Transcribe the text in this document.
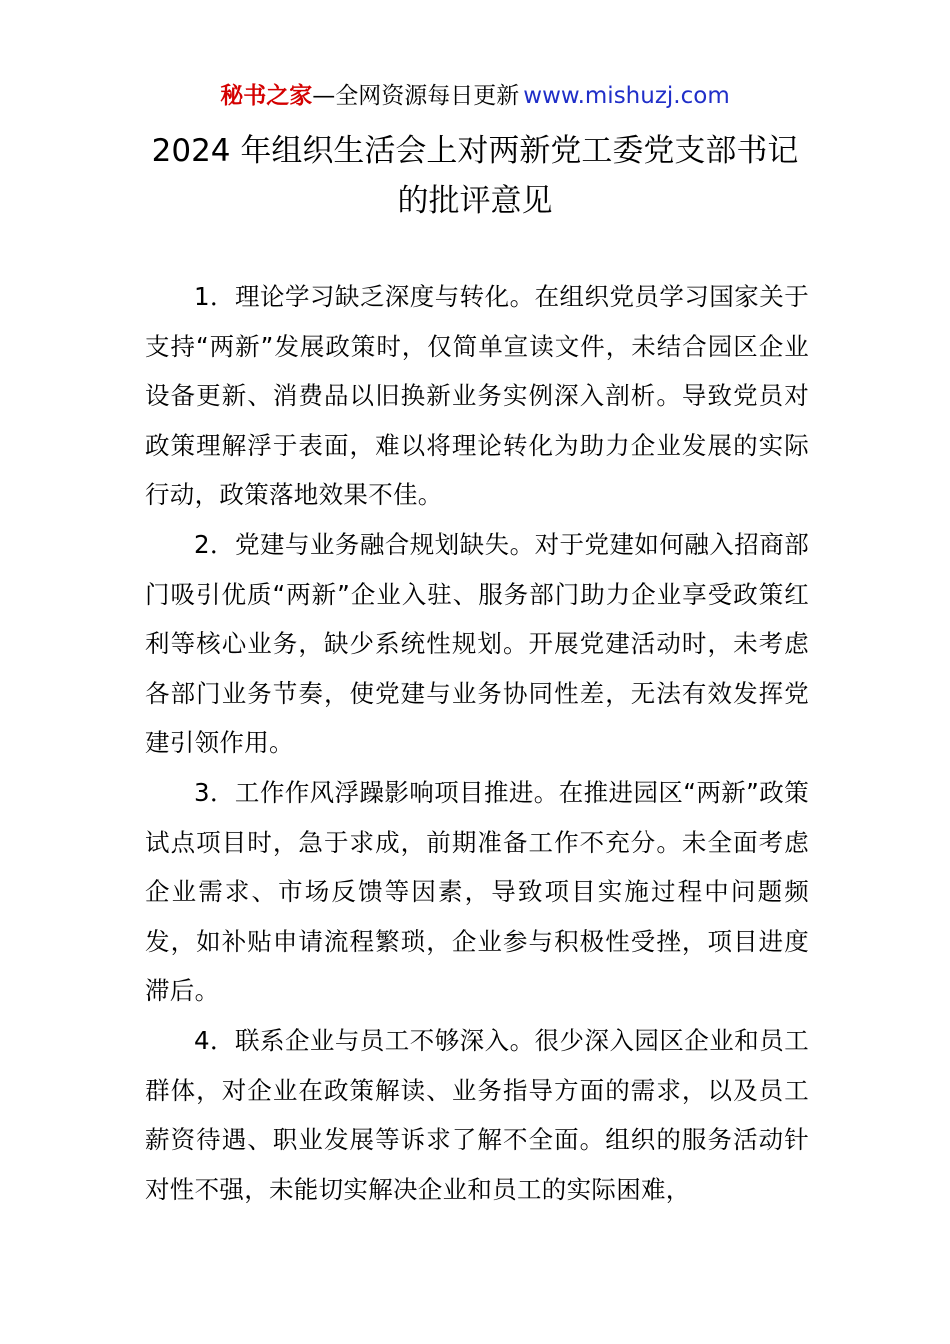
秘书之家—全网资源每日更新 www.mishuzj.com
2024 年组织生活会上对两新党工委党支部书记
的批评意见

1．理论学习缺乏深度与转化。在组织党员学习国家关于支持“两新”发展政策时，仅简单宣读文件，未结合园区企业设备更新、消费品以旧换新业务实例深入剖析。导致党员对政策理解浮于表面，难以将理论转化为助力企业发展的实际行动，政策落地效果不佳。

2．党建与业务融合规划缺失。对于党建如何融入招商部门吸引优质“两新”企业入驻、服务部门助力企业享受政策红利等核心业务，缺少系统性规划。开展党建活动时，未考虑各部门业务节奏，使党建与业务协同性差，无法有效发挥党建引领作用。

3．工作作风浮躁影响项目推进。在推进园区“两新”政策试点项目时，急于求成，前期准备工作不充分。未全面考虑企业需求、市场反馈等因素，导致项目实施过程中问题频发，如补贴申请流程繁琐，企业参与积极性受挫，项目进度滞后。

4．联系企业与员工不够深入。很少深入园区企业和员工群体，对企业在政策解读、业务指导方面的需求，以及员工薪资待遇、职业发展等诉求了解不全面。组织的服务活动针对性不强，未能切实解决企业和员工的实际困难，
